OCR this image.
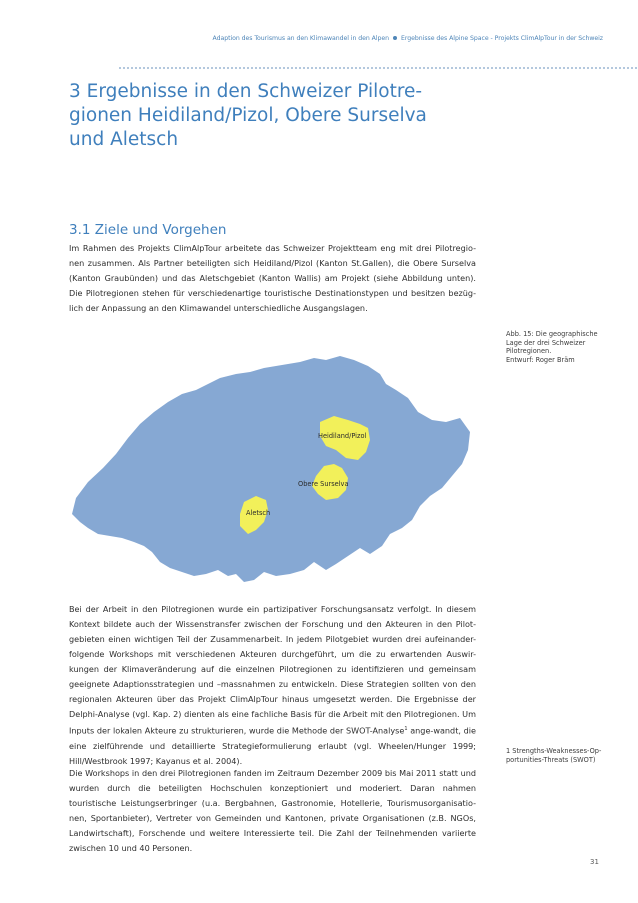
Adaption des Tourismus an den Klimawandel in den Alpen Ergebnisse des Alpine Space - Projekts ClimAlpTour in der Schweiz
3 Ergebnisse in den Schweizer Pilotre-
gionen Heidiland/Pizol, Obere Surselva
und Aletsch
3.1 Ziele und Vorgehen

Im Rahmen des Projekts ClimAlpTour arbeitete das Schweizer Projektteam eng mit drei Pilotregio-nen zusammen. Als Partner beteiligten sich Heidiland/Pizol (Kanton St.Gallen), die Obere Surselva (Kanton Graubünden) und das Aletschgebiet (Kanton Wallis) am Projekt (siehe Abbildung unten). Die Pilotregionen stehen für verschiedenartige touristische Destinationstypen und besitzen bezüg-lich der Anpassung an den Klimawandel unterschiedliche Ausgangslagen.

Abb. 15: Die geographische
Lage der drei Schweizer
Pilotregionen.
Entwurf: Roger Bräm
Heidiland/Pizol
Obere Surselva
Aletsch

Bei der Arbeit in den Pilotregionen wurde ein partizipativer Forschungsansatz verfolgt. In diesem Kontext bildete auch der Wissenstransfer zwischen der Forschung und den Akteuren in den Pilot-gebieten einen wichtigen Teil der Zusammenarbeit. In jedem Pilotgebiet wurden drei aufeinander-folgende Workshops mit verschiedenen Akteuren durchgeführt, um die zu erwartenden Auswir-kungen der Klimaveränderung auf die einzelnen Pilotregionen zu identifizieren und gemeinsam geeignete Adaptionsstrategien und –massnahmen zu entwickeln. Diese Strategien sollten von den regionalen Akteuren über das Projekt ClimAlpTour hinaus umgesetzt werden. Die Ergebnisse der Delphi-Analyse (vgl. Kap. 2) dienten als eine fachliche Basis für die Arbeit mit den Pilotregionen. Um Inputs der lokalen Akteure zu strukturieren, wurde die Methode der SWOT-Analyse$^1$ ange-wandt, die eine zielführende und detaillierte Strategieformulierung erlaubt (vgl. Wheelen/Hunger 1999; Hill/Westbrook 1997; Kayanus et al. 2004).

1 Strengths-Weaknesses-Op-
portunities-Threats (SWOT)

Die Workshops in den drei Pilotregionen fanden im Zeitraum Dezember 2009 bis Mai 2011 statt und wurden durch die beteiligten Hochschulen konzeptioniert und moderiert. Daran nahmen touristische Leistungserbringer (u.a. Bergbahnen, Gastronomie, Hotellerie, Tourismusorganisatio-nen, Sportanbieter), Vertreter von Gemeinden und Kantonen, private Organisationen (z.B. NGOs, Landwirtschaft), Forschende und weitere Interessierte teil. Die Zahl der Teilnehmenden variierte zwischen 10 und 40 Personen.

31
